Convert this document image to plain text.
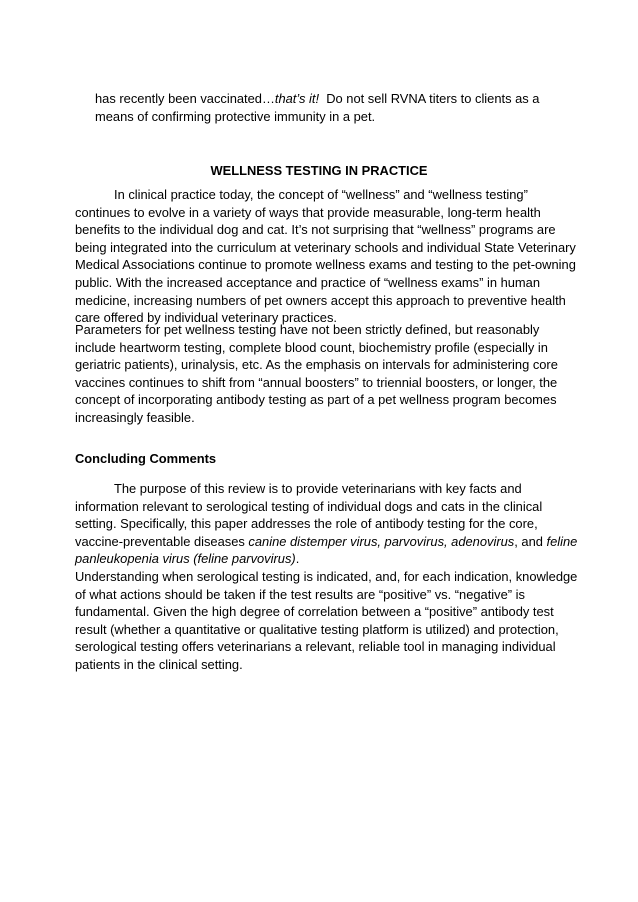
has recently been vaccinated…that’s it!  Do not sell RVNA titers to clients as a
means of confirming protective immunity in a pet.
WELLNESS TESTING IN PRACTICE
In clinical practice today, the concept of “wellness” and “wellness testing”
continues to evolve in a variety of ways that provide measurable, long-term health
benefits to the individual dog and cat. It’s not surprising that “wellness” programs are
being integrated into the curriculum at veterinary schools and individual State Veterinary
Medical Associations continue to promote wellness exams and testing to the pet-owning
public. With the increased acceptance and practice of “wellness exams” in human
medicine, increasing numbers of pet owners accept this approach to preventive health
care offered by individual veterinary practices.
Parameters for pet wellness testing have not been strictly defined, but reasonably
include heartworm testing, complete blood count, biochemistry profile (especially in
geriatric patients), urinalysis, etc. As the emphasis on intervals for administering core
vaccines continues to shift from “annual boosters” to triennial boosters, or longer, the
concept of incorporating antibody testing as part of a pet wellness program becomes
increasingly feasible.
Concluding Comments
The purpose of this review is to provide veterinarians with key facts and
information relevant to serological testing of individual dogs and cats in the clinical
setting. Specifically, this paper addresses the role of antibody testing for the core,
vaccine-preventable diseases canine distemper virus, parvovirus, adenovirus, and feline
panleukopenia virus (feline parvovirus).
Understanding when serological testing is indicated, and, for each indication, knowledge
of what actions should be taken if the test results are “positive” vs. “negative” is
fundamental. Given the high degree of correlation between a “positive” antibody test
result (whether a quantitative or qualitative testing platform is utilized) and protection,
serological testing offers veterinarians a relevant, reliable tool in managing individual
patients in the clinical setting.
